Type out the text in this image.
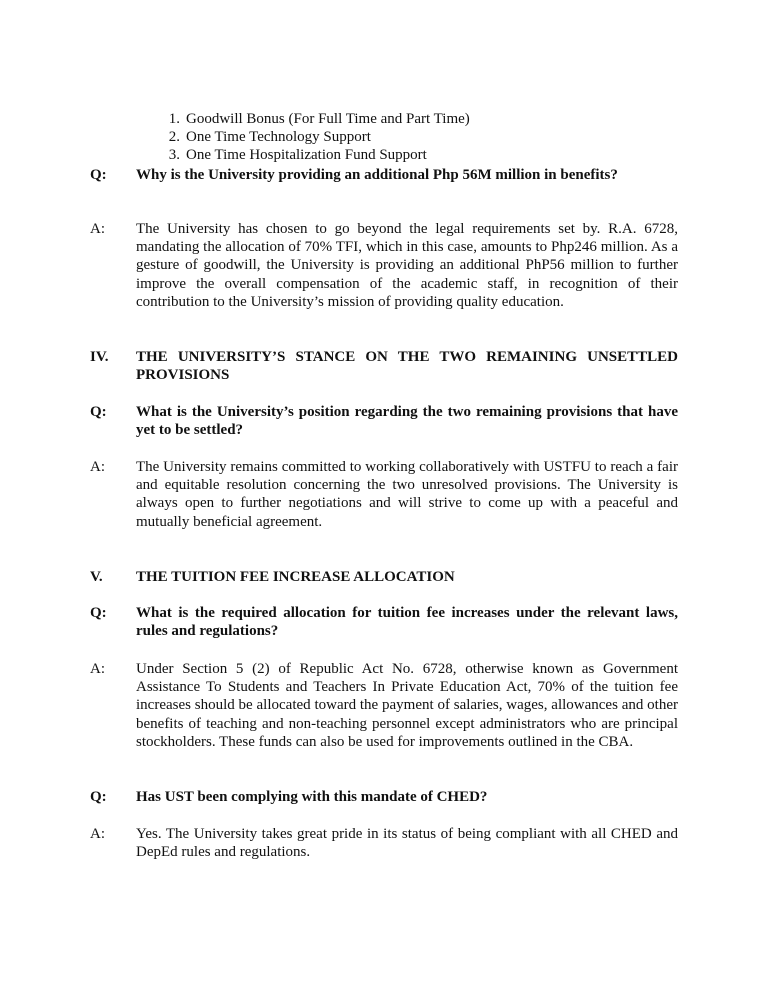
1. Goodwill Bonus (For Full Time and Part Time)
2. One Time Technology Support
3. One Time Hospitalization Fund Support
Q:	Why is the University providing an additional Php 56M million in benefits?
A:	The University has chosen to go beyond the legal requirements set by. R.A. 6728, mandating the allocation of 70% TFI, which in this case, amounts to Php246 million. As a gesture of goodwill, the University is providing an additional PhP56 million to further improve the overall compensation of the academic staff, in recognition of their contribution to the University’s mission of providing quality education.
IV.	THE UNIVERSITY’S STANCE ON THE TWO REMAINING UNSETTLED PROVISIONS
Q:	What is the University’s position regarding the two remaining provisions that have yet to be settled?
A:	The University remains committed to working collaboratively with USTFU to reach a fair and equitable resolution concerning the two unresolved provisions. The University is always open to further negotiations and will strive to come up with a peaceful and mutually beneficial agreement.
V.	THE TUITION FEE INCREASE ALLOCATION
Q:	What is the required allocation for tuition fee increases under the relevant laws, rules and regulations?
A:	Under Section 5 (2) of Republic Act No. 6728, otherwise known as Government Assistance To Students and Teachers In Private Education Act, 70% of the tuition fee increases should be allocated toward the payment of salaries, wages, allowances and other benefits of teaching and non-teaching personnel except administrators who are principal stockholders. These funds can also be used for improvements outlined in the CBA.
Q:	Has UST been complying with this mandate of CHED?
A:	Yes. The University takes great pride in its status of being compliant with all CHED and DepEd rules and regulations.
